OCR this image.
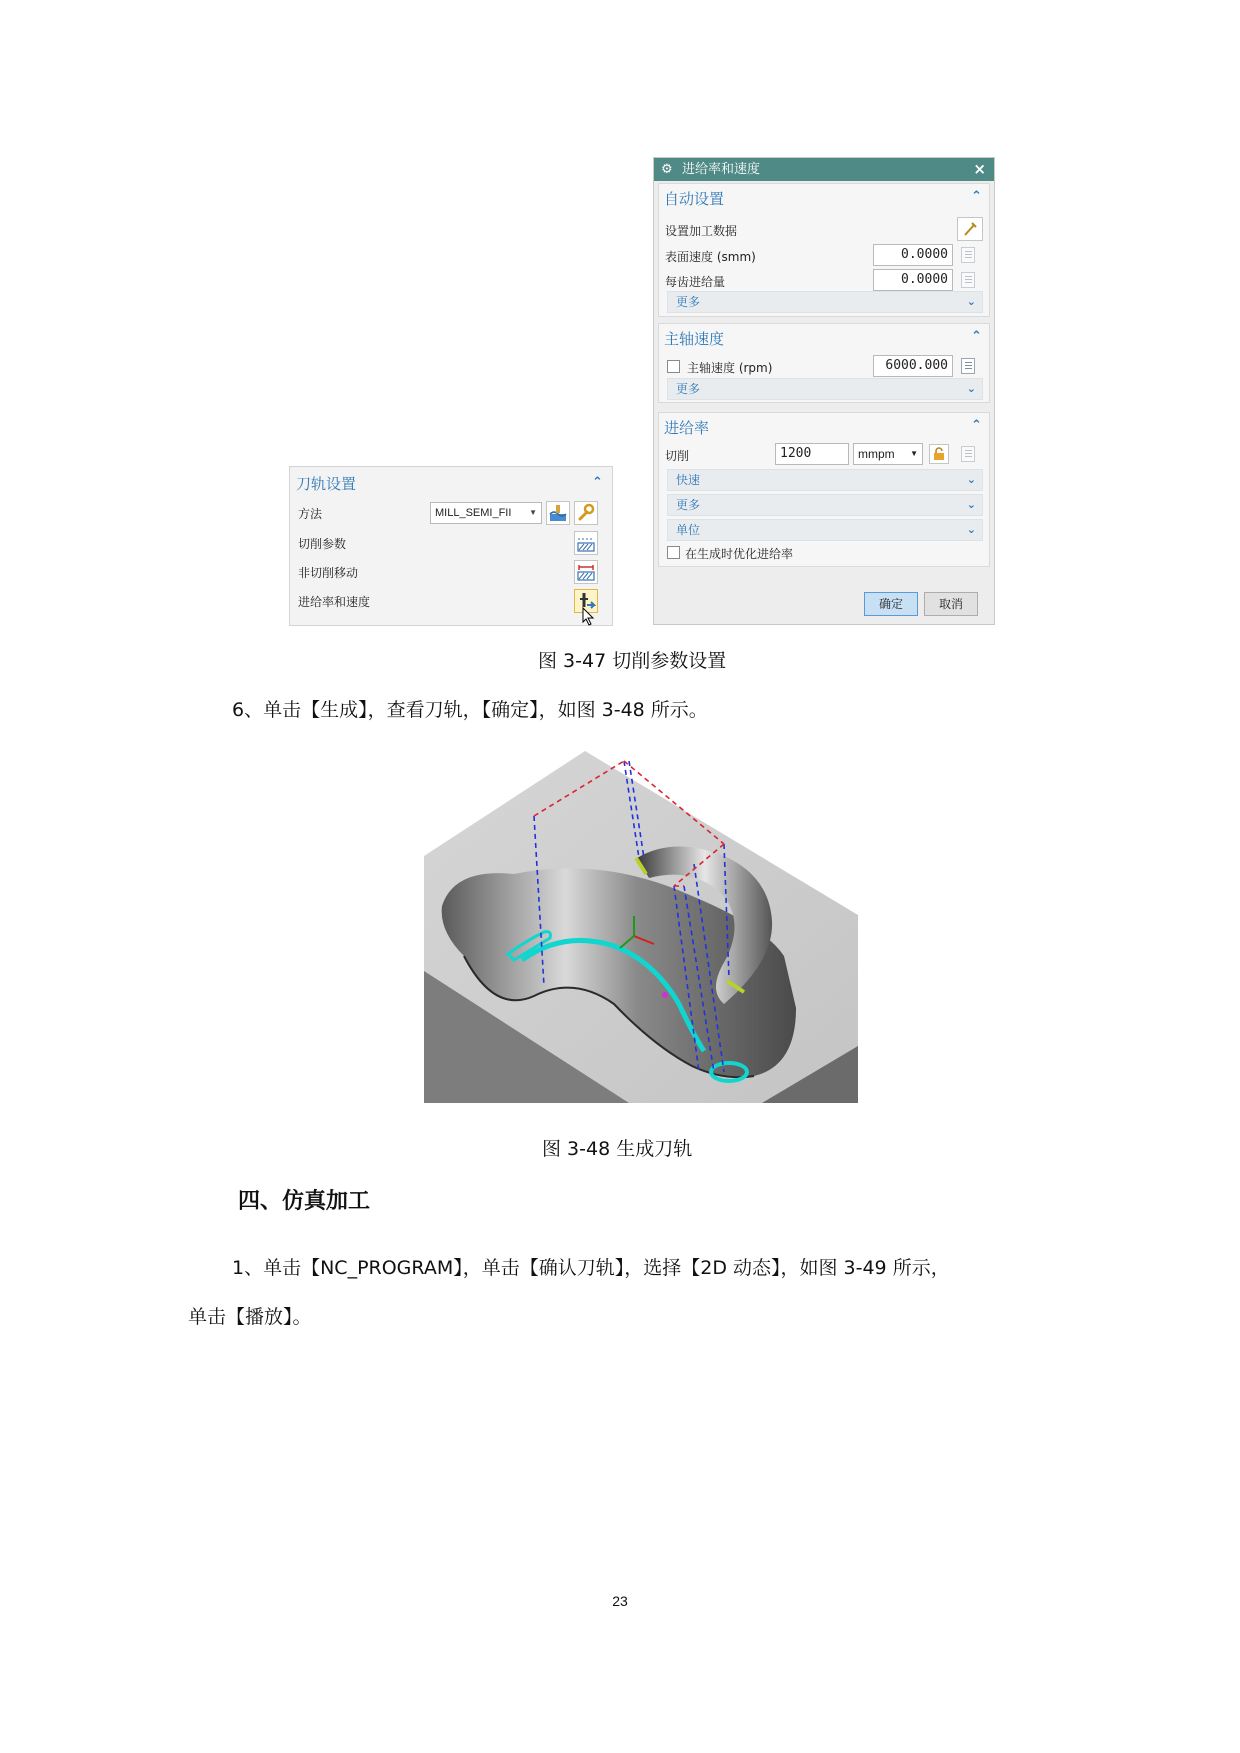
刀轨设置	⌃
方法	MILL_SEMI_FII ▼
切削参数
非切削移动
进给率和速度
⚙ 进给率和速度	×
自动设置	⌃
设置加工数据
表面速度 (smm)	0.0000
每齿进给量	0.0000
更多	⌄
主轴速度	⌃
主轴速度 (rpm)	6000.000
更多	⌄
进给率	⌃
切削	1200	mmpm ▼
快速	⌄
更多	⌄
单位	⌄
在生成时优化进给率
确定	取消
图 3-47 切削参数设置
6、单击【生成】，查看刀轨，【确定】，如图 3-48 所示。
图 3-48 生成刀轨
四、仿真加工
1、单击【NC_PROGRAM】，单击【确认刀轨】，选择【2D 动态】，如图 3-49 所示，
单击【播放】。
23
